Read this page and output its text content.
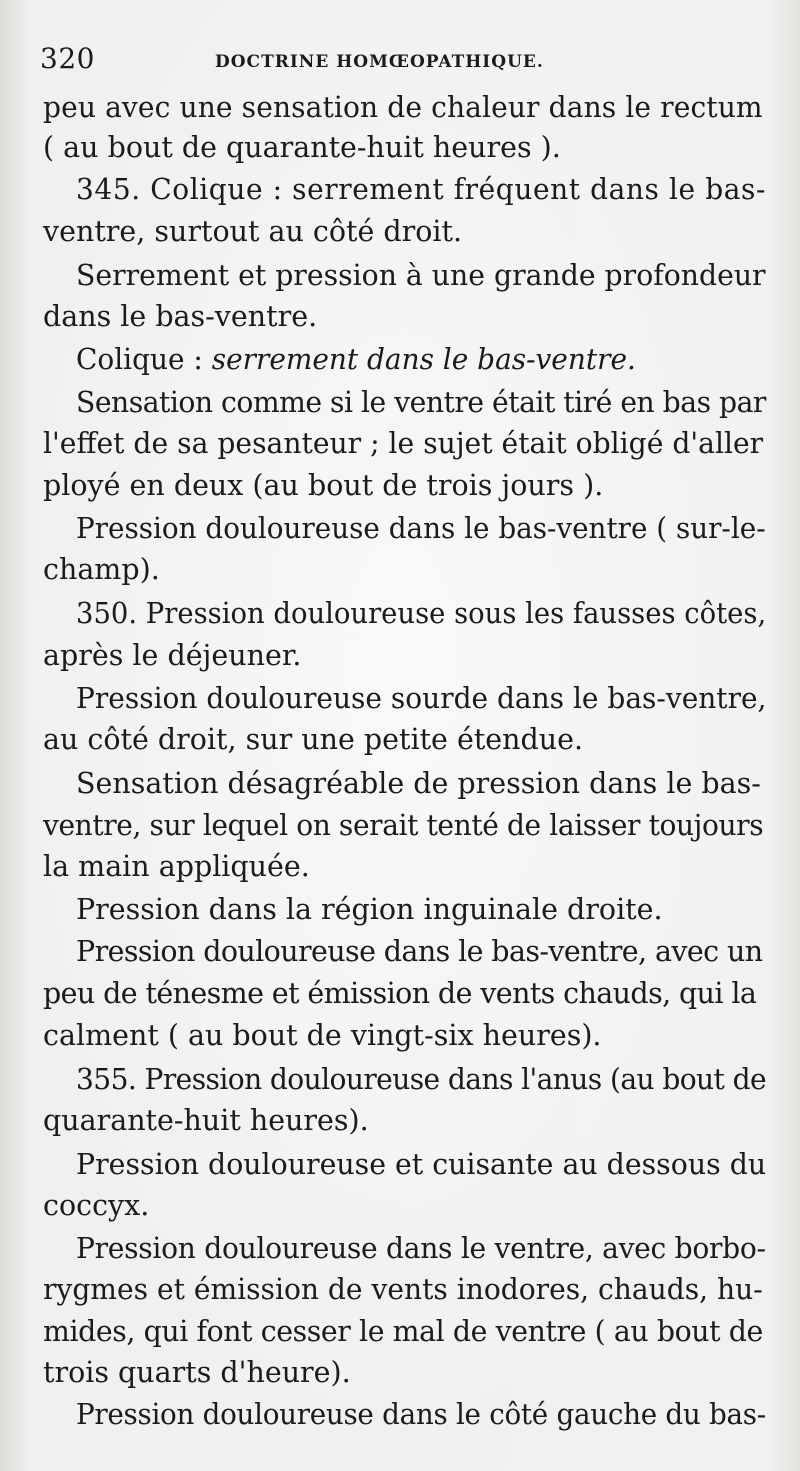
320	DOCTRINE HOMŒOPATHIQUE.
peu avec une sensation de chaleur dans le rectum
( au bout de quarante-huit heures ).
345. Colique : serrement fréquent dans le bas-
ventre, surtout au côté droit.
Serrement et pression à une grande profondeur
dans le bas-ventre.
Colique : serrement dans le bas-ventre.
Sensation comme si le ventre était tiré en bas par
l'effet de sa pesanteur ; le sujet était obligé d'aller
ployé en deux (au bout de trois jours ).
Pression douloureuse dans le bas-ventre ( sur-le-
champ).
350. Pression douloureuse sous les fausses côtes,
après le déjeuner.
Pression douloureuse sourde dans le bas-ventre,
au côté droit, sur une petite étendue.
Sensation désagréable de pression dans le bas-
ventre, sur lequel on serait tenté de laisser toujours
la main appliquée.
Pression dans la région inguinale droite.
Pression douloureuse dans le bas-ventre, avec un
peu de ténesme et émission de vents chauds, qui la
calment ( au bout de vingt-six heures).
355. Pression douloureuse dans l'anus (au bout de
quarante-huit heures).
Pression douloureuse et cuisante au dessous du
coccyx.
Pression douloureuse dans le ventre, avec borbo-
rygmes et émission de vents inodores, chauds, hu-
mides, qui font cesser le mal de ventre ( au bout de
trois quarts d'heure).
Pression douloureuse dans le côté gauche du bas-
